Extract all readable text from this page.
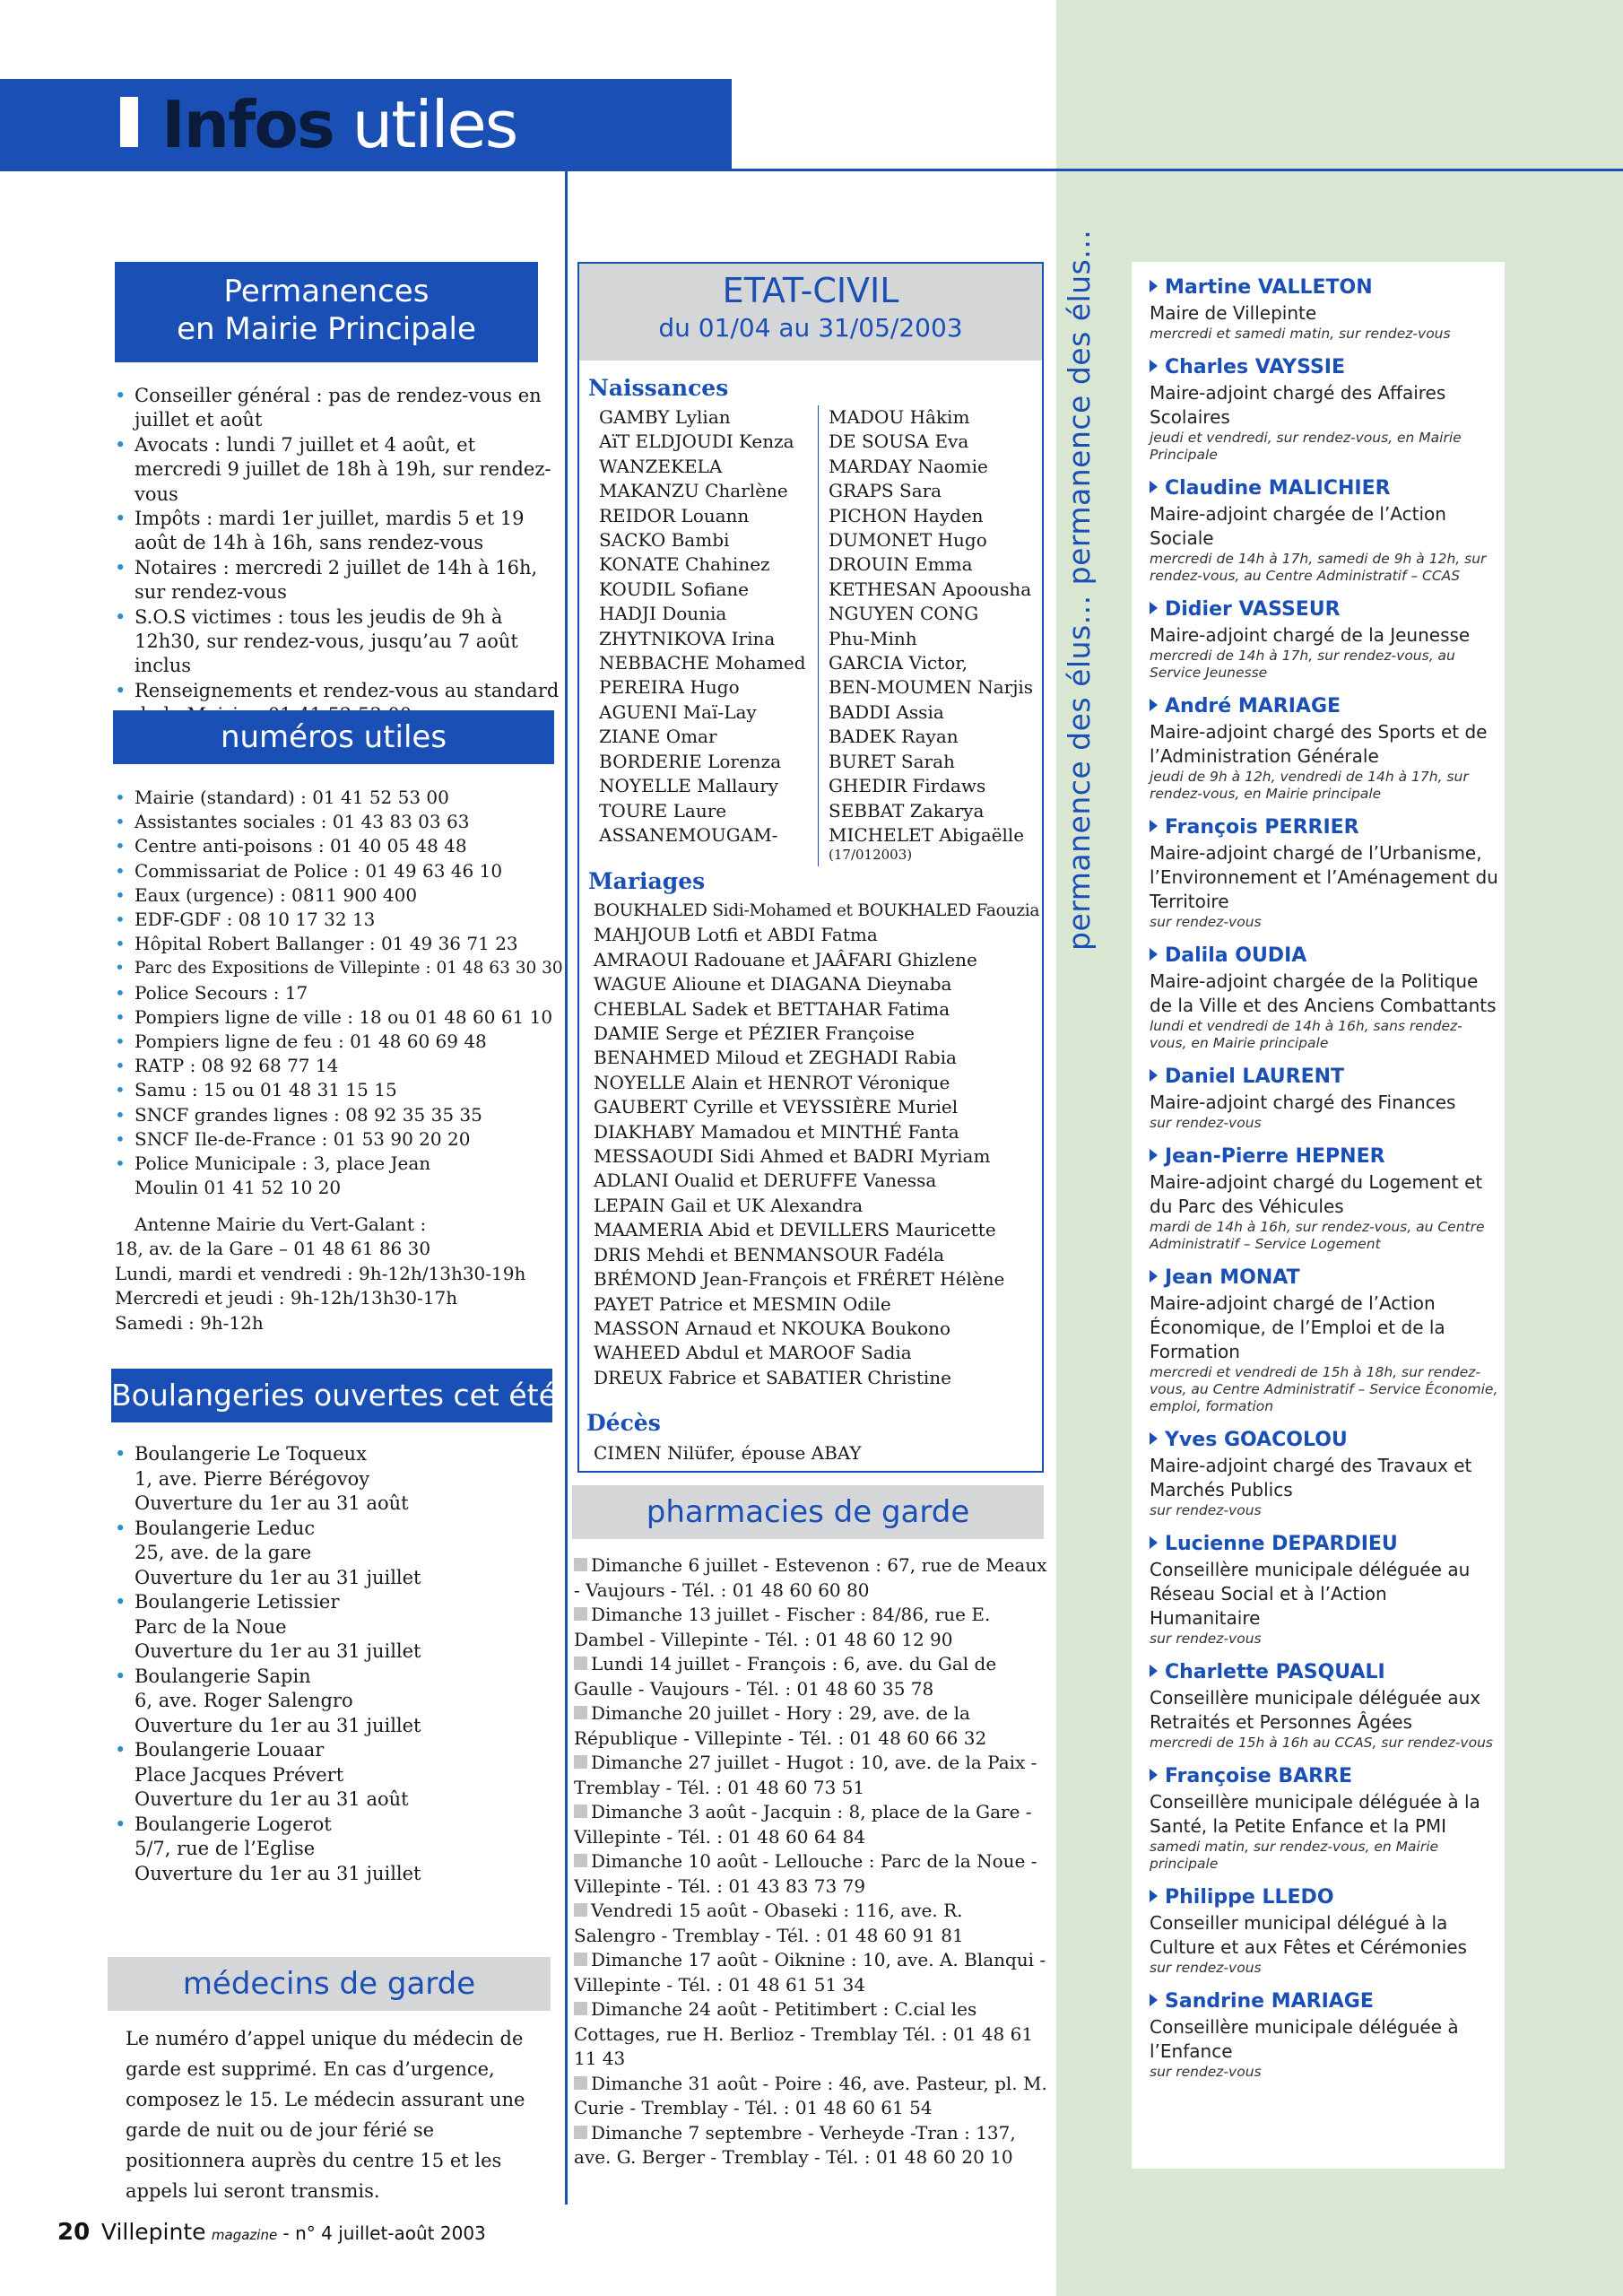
Infos utiles
Permanences
en Mairie Principale
• Conseiller général : pas de rendez-vous en juillet et août
• Avocats : lundi 7 juillet et 4 août, et mercredi 9 juillet de 18h à 19h, sur rendez-vous
• Impôts : mardi 1er juillet, mardis 5 et 19 août de 14h à 16h, sans rendez-vous
• Notaires : mercredi 2 juillet de 14h à 16h, sur rendez-vous
• S.O.S victimes : tous les jeudis de 9h à 12h30, sur rendez-vous, jusqu’au 7 août inclus
• Renseignements et rendez-vous au standard
numéros utiles
• Mairie (standard) : 01 41 52 53 00
• Assistantes sociales : 01 43 83 03 63
• Centre anti-poisons : 01 40 05 48 48
• Commissariat de Police : 01 49 63 46 10
• Eaux (urgence) : 0811 900 400
• EDF-GDF : 08 10 17 32 13
• Hôpital Robert Ballanger : 01 49 36 71 23
• Parc des Expositions de Villepinte : 01 48 63 30 30
• Police Secours : 17
• Pompiers ligne de ville : 18 ou 01 48 60 61 10
• Pompiers ligne de feu : 01 48 60 69 48
• RATP : 08 92 68 77 14
• Samu : 15 ou 01 48 31 15 15
• SNCF grandes lignes : 08 92 35 35 35
• SNCF Ile-de-France : 01 53 90 20 20
• Police Municipale : 3, place Jean Moulin 01 41 52 10 20
Antenne Mairie du Vert-Galant :
18, av. de la Gare – 01 48 61 86 30
Lundi, mardi et vendredi : 9h-12h/13h30-19h
Mercredi et jeudi : 9h-12h/13h30-17h
Samedi : 9h-12h
Boulangeries ouvertes cet été
• Boulangerie Le Toqueux
1, ave. Pierre Bérégovoy
Ouverture du 1er au 31 août
• Boulangerie Leduc
25, ave. de la gare
Ouverture du 1er au 31 juillet
• Boulangerie Letissier
Parc de la Noue
Ouverture du 1er au 31 juillet
• Boulangerie Sapin
6, ave. Roger Salengro
Ouverture du 1er au 31 juillet
• Boulangerie Louaar
Place Jacques Prévert
Ouverture du 1er au 31 août
• Boulangerie Logerot
5/7, rue de l’Eglise
Ouverture du 1er au 31 juillet
médecins de garde
Le numéro d’appel unique du médecin de garde est supprimé. En cas d’urgence, composez le 15. Le médecin assurant une garde de nuit ou de jour férié se positionnera auprès du centre 15 et les appels lui seront transmis.
ETAT-CIVIL
du 01/04 au 31/05/2003
Naissances
GAMBY Lylian
AïT ELDJOUDI Kenza
WANZEKELA
MAKANZU Charlène
REIDOR Louann
SACKO Bambi
KONATE Chahinez
KOUDIL Sofiane
HADJI Dounia
ZHYTNIKOVA Irina
NEBBACHE Mohamed
PEREIRA Hugo
AGUENI Maï-Lay
ZIANE Omar
BORDERIE Lorenza
NOYELLE Mallaury
TOURE Laure
ASSANEMOUGAM-
MADOU Hâkim
DE SOUSA Eva
MARDAY Naomie
GRAPS Sara
PICHON Hayden
DUMONET Hugo
DROUIN Emma
KETHESAN Apoousha
NGUYEN CONG
Phu-Minh
GARCIA Victor,
BEN-MOUMEN Narjis
BADDI Assia
BADEK Rayan
BURET Sarah
GHEDIR Firdaws
SEBBAT Zakarya
MICHELET Abigaëlle
(17/012003)
Mariages
BOUKHALED Sidi-Mohamed et BOUKHALED Faouzia
MAHJOUB Lotfi et ABDI Fatma
AMRAOUI Radouane et JAÂFARI Ghizlene
WAGUE Alioune et DIAGANA Dieynaba
CHEBLAL Sadek et BETTAHAR Fatima
DAMIE Serge et PÉZIER Françoise
BENAHMED Miloud et ZEGHADI Rabia
NOYELLE Alain et HENROT Véronique
GAUBERT Cyrille et VEYSSIÈRE Muriel
DIAKHABY Mamadou et MINTHÉ Fanta
MESSAOUDI Sidi Ahmed et BADRI Myriam
ADLANI Oualid et DERUFFE Vanessa
LEPAIN Gail et UK Alexandra
MAAMERIA Abid et DEVILLERS Mauricette
DRIS Mehdi et BENMANSOUR Fadéla
BRÉMOND Jean-François et FRÉRET Hélène
PAYET Patrice et MESMIN Odile
MASSON Arnaud et NKOUKA Boukono
WAHEED Abdul et MAROOF Sadia
DREUX Fabrice et SABATIER Christine
Décès
CIMEN Nilüfer, épouse ABAY
pharmacies de garde
Dimanche 6 juillet - Estevenon : 67, rue de Meaux - Vaujours - Tél. : 01 48 60 60 80
Dimanche 13 juillet - Fischer : 84/86, rue E. Dambel - Villepinte - Tél. : 01 48 60 12 90
Lundi 14 juillet - François : 6, ave. du Gal de Gaulle - Vaujours - Tél. : 01 48 60 35 78
Dimanche 20 juillet - Hory : 29, ave. de la République - Villepinte - Tél. : 01 48 60 66 32
Dimanche 27 juillet - Hugot : 10, ave. de la Paix - Tremblay - Tél. : 01 48 60 73 51
Dimanche 3 août - Jacquin : 8, place de la Gare - Villepinte - Tél. : 01 48 60 64 84
Dimanche 10 août - Lellouche : Parc de la Noue - Villepinte - Tél. : 01 43 83 73 79
Vendredi 15 août - Obaseki : 116, ave. R. Salengro - Tremblay - Tél. : 01 48 60 91 81
Dimanche 17 août - Oiknine : 10, ave. A. Blanqui - Villepinte - Tél. : 01 48 61 51 34
Dimanche 24 août - Petitimbert : C.cial les Cottages, rue H. Berlioz - Tremblay Tél. : 01 48 61 11 43
Dimanche 31 août - Poire : 46, ave. Pasteur, pl. M. Curie - Tremblay - Tél. : 01 48 60 61 54
Dimanche 7 septembre - Verheyde -Tran : 137, ave. G. Berger - Tremblay - Tél. : 01 48 60 20 10
permanence des élus... permanence des élus...	Martine VALLETON
Maire de Villepinte
mercredi et samedi matin, sur rendez-vous
Charles VAYSSIE
Maire-adjoint chargé des Affaires Scolaires
jeudi et vendredi, sur rendez-vous, en Mairie Principale
Claudine MALICHIER
Maire-adjoint chargée de l’Action Sociale
mercredi de 14h à 17h, samedi de 9h à 12h, sur rendez-vous, au Centre Administratif – CCAS
Didier VASSEUR
Maire-adjoint chargé de la Jeunesse
mercredi de 14h à 17h, sur rendez-vous, au Service Jeunesse
André MARIAGE
Maire-adjoint chargé des Sports et de l’Administration Générale
jeudi de 9h à 12h, vendredi de 14h à 17h, sur rendez-vous, en Mairie principale
François PERRIER
Maire-adjoint chargé de l’Urbanisme, l’Environnement et l’Aménagement du Territoire
sur rendez-vous
Dalila OUDIA
Maire-adjoint chargée de la Politique de la Ville et des Anciens Combattants
lundi et vendredi de 14h à 16h, sans rendez-vous, en Mairie principale
Daniel LAURENT
Maire-adjoint chargé des Finances
sur rendez-vous
Jean-Pierre HEPNER
Maire-adjoint chargé du Logement et du Parc des Véhicules
mardi de 14h à 16h, sur rendez-vous, au Centre Administratif – Service Logement
Jean MONAT
Maire-adjoint chargé de l’Action Économique, de l’Emploi et de la Formation
mercredi et vendredi de 15h à 18h, sur rendez-vous, au Centre Administratif – Service Économie, emploi, formation
Yves GOACOLOU
Maire-adjoint chargé des Travaux et Marchés Publics
sur rendez-vous
Lucienne DEPARDIEU
Conseillère municipale déléguée au Réseau Social et à l’Action Humanitaire
sur rendez-vous
Charlette PASQUALI
Conseillère municipale déléguée aux Retraités et Personnes Âgées
mercredi de 15h à 16h au CCAS, sur rendez-vous
Françoise BARRE
Conseillère municipale déléguée à la Santé, la Petite Enfance et la PMI
samedi matin, sur rendez-vous, en Mairie principale
Philippe LLEDO
Conseiller municipal délégué à la Culture et aux Fêtes et Cérémonies
sur rendez-vous
Sandrine MARIAGE
Conseillère municipale déléguée à l’Enfance
sur rendez-vous
20 Villepinte magazine - n° 4 juillet-août 2003
